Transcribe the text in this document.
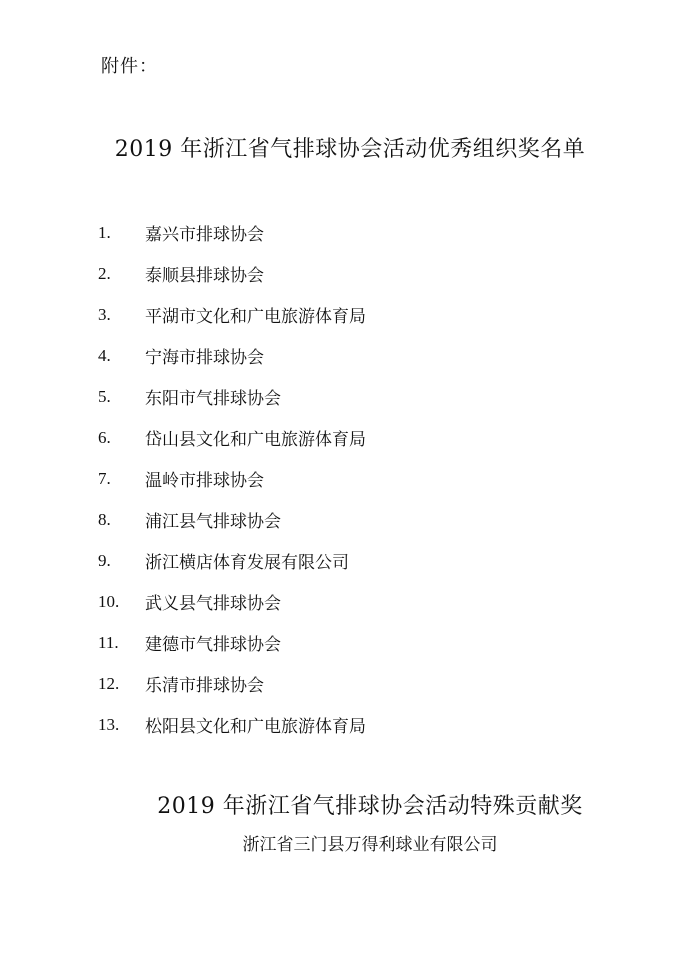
附件：
2019 年浙江省气排球协会活动优秀组织奖名单
1.	嘉兴市排球协会
2.	泰顺县排球协会
3.	平湖市文化和广电旅游体育局
4.	宁海市排球协会
5.	东阳市气排球协会
6.	岱山县文化和广电旅游体育局
7.	温岭市排球协会
8.	浦江县气排球协会
9.	浙江横店体育发展有限公司
10.	武义县气排球协会
11.	建德市气排球协会
12.	乐清市排球协会
13.	松阳县文化和广电旅游体育局
2019 年浙江省气排球协会活动特殊贡献奖
浙江省三门县万得利球业有限公司
